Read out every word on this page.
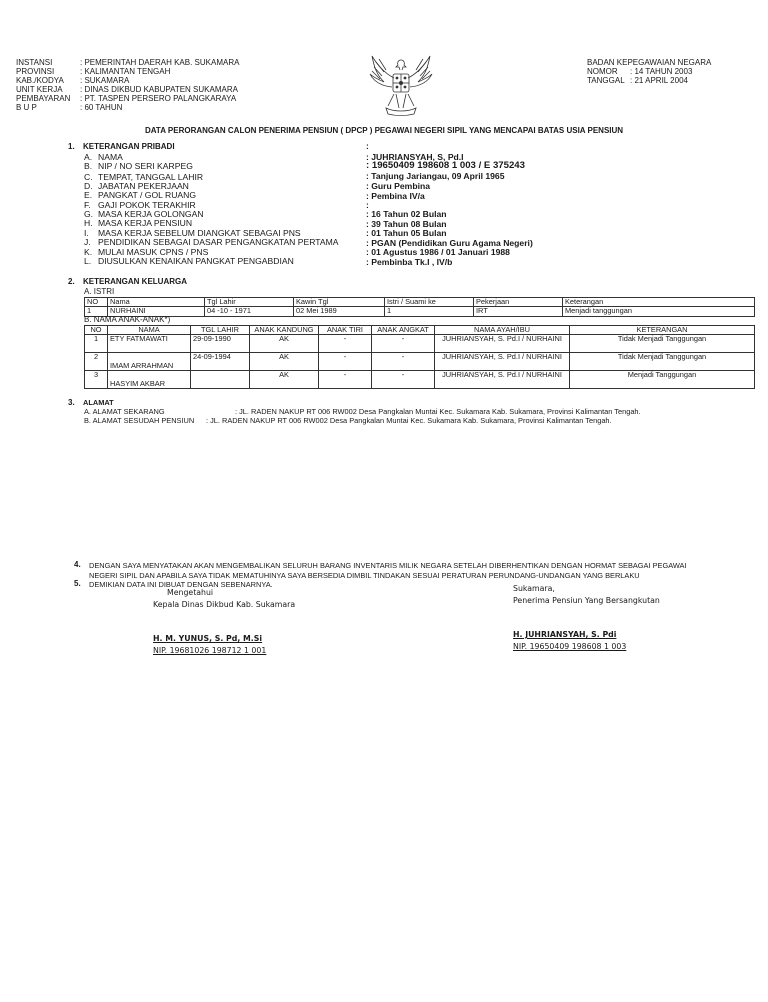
INSTANSI	: PEMERINTAH DAERAH KAB. SUKAMARA
PROVINSI	: KALIMANTAN TENGAH
KAB./KODYA : SUKAMARA
UNIT KERJA : DINAS DIKBUD KABUPATEN SUKAMARA
PEMBAYARAN : PT. TASPEN PERSERO PALANGKARAYA
B U P	: 60 TAHUN
BADAN KEPEGAWAIAN NEGARA
NOMOR : 14 TAHUN 2003
TANGGAL : 21 APRIL 2004
DATA PERORANGAN CALON PENERIMA PENSIUN ( DPCP ) PEGAWAI NEGERI SIPIL YANG MENCAPAI BATAS USIA PENSIUN
1. KETERANGAN PRIBADI	:
A. NAMA	: JUHRIANSYAH, S, Pd.I
B. NIP / NO SERI KARPEG	: 19650409 198608 1 003 / E 375243
C. TEMPAT, TANGGAL LAHIR	: Tanjung Jariangau, 09 April 1965
D. JABATAN PEKERJAAN	: Guru Pembina
E. PANGKAT / GOL RUANG	: Pembina IV/a
F. GAJI POKOK TERAKHIR	:
G. MASA KERJA GOLONGAN	: 16 Tahun 02 Bulan
H. MASA KERJA PENSIUN	: 39 Tahun 08 Bulan
I. MASA KERJA SEBELUM DIANGKAT SEBAGAI PNS	: 01 Tahun 05 Bulan
J. PENDIDIKAN SEBAGAI DASAR PENGANGKATAN PERTAMA	: PGAN (Pendidikan Guru Agama Negeri)
K. MULAI MASUK CPNS / PNS	: 01 Agustus 1986 / 01 Januari 1988
L. DIUSULKAN KENAIKAN PANGKAT PENGABDIAN	: Pembinba Tk.I , IV/b
2. KETERANGAN KELUARGA
A. ISTRI
NO	Nama	Tgl Lahir	Kawin Tgl	Istri / Suami ke	Pekerjaan	Keterangan
1	NURHAINI	04 -10 - 1971	02 Mei 1989	1	IRT	Menjadi tanggungan
B. NAMA ANAK-ANAK*)
NO	NAMA	TGL LAHIR	ANAK KANDUNG	ANAK TIRI	ANAK ANGKAT	NAMA AYAH/IBU	KETERANGAN
1	ETY FATMAWATI	29-09-1990	AK	-	-	JUHRIANSYAH, S. Pd.I / NURHAINI	Tidak Menjadi Tanggungan
2	IMAM ARRAHMAN	24-09-1994	AK	-	-	JUHRIANSYAH, S. Pd.I / NURHAINI	Tidak Menjadi Tanggungan
3	HASYIM AKBAR		AK	-	-	JUHRIANSYAH, S. Pd.I / NURHAINI	Menjadi Tanggungan
3. ALAMAT
A. ALAMAT SEKARANG	: JL. RADEN NAKUP RT 006 RW002 Desa Pangkalan Muntai Kec. Sukamara Kab. Sukamara, Provinsi Kalimantan Tengah.
B. ALAMAT SESUDAH PENSIUN : JL. RADEN NAKUP RT 006 RW002 Desa Pangkalan Muntai Kec. Sukamara Kab. Sukamara, Provinsi Kalimantan Tengah.
4. DENGAN SAYA MENYATAKAN AKAN MENGEMBALIKAN SELURUH BARANG INVENTARIS MILIK NEGARA SETELAH DIBERHENTIKAN DENGAN HORMAT SEBAGAI PEGAWAI
NEGERI SIPIL DAN APABILA SAYA TIDAK MEMATUHINYA SAYA BERSEDIA DIMBIL TINDAKAN SESUAI PERATURAN PERUNDANG-UNDANGAN YANG BERLAKU
5. DEMIKIAN DATA INI DIBUAT DENGAN SEBENARNYA.
Mengetahui
Kepala Dinas Dikbud Kab. Sukamara
H. M. YUNUS, S. Pd, M.Si
NIP. 19681026 198712 1 001
Sukamara,
Penerima Pensiun Yang Bersangkutan
H. JUHRIANSYAH, S. Pdi
NIP. 19650409 198608 1 003
